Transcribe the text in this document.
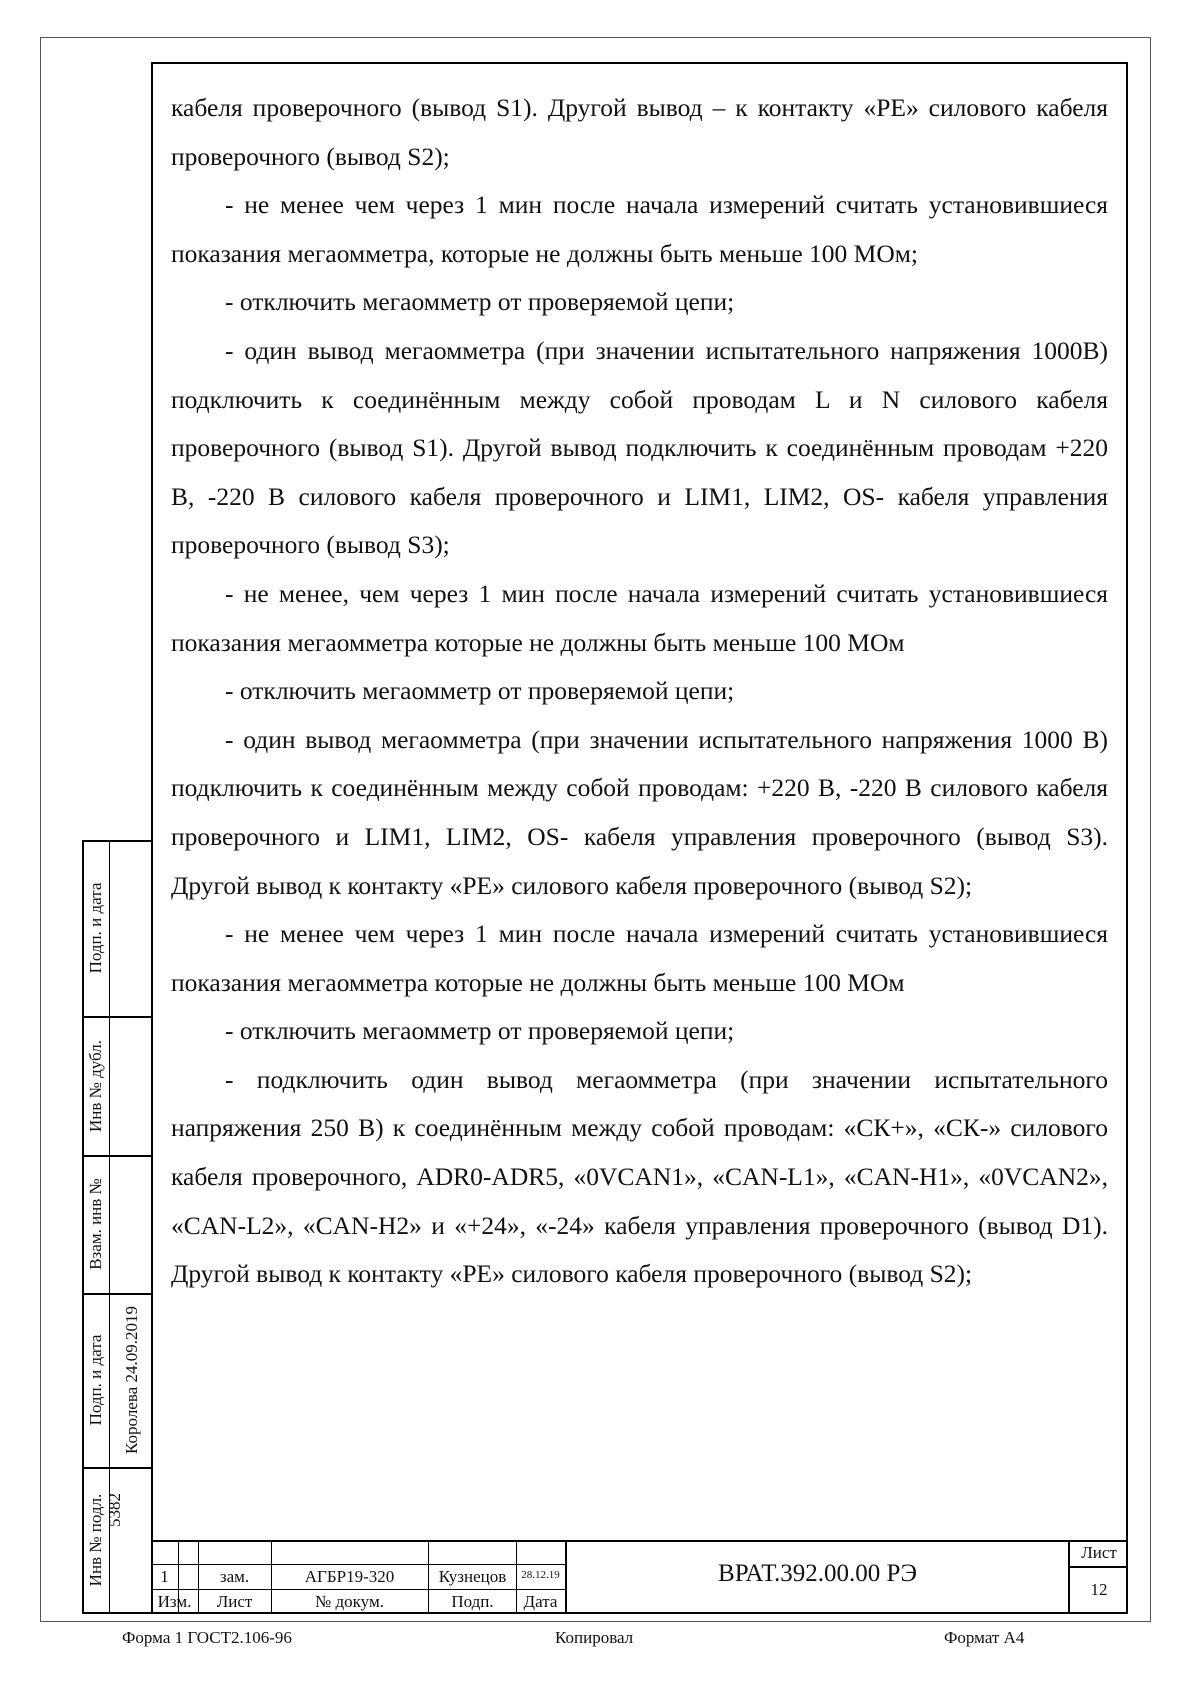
кабеля проверочного (вывод S1). Другой вывод – к контакту «РЕ» силового кабеля проверочного (вывод S2);

- не менее чем через 1 мин после начала измерений считать установившиеся показания мегаомметра, которые не должны быть меньше 100 МОм;

- отключить мегаомметр от проверяемой цепи;

- один вывод мегаомметра (при значении испытательного напряжения 1000В) подключить к соединённым между собой проводам L и N силового кабеля проверочного (вывод S1). Другой вывод подключить к соединённым проводам +220 В, -220 В силового кабеля проверочного и LIM1, LIM2, OS- кабеля управления проверочного (вывод S3);

- не менее, чем через 1 мин после начала измерений считать установившиеся показания мегаомметра которые не должны быть меньше 100 МОм

- отключить мегаомметр от проверяемой цепи;

- один вывод мегаомметра (при значении испытательного напряжения 1000 В) подключить к соединённым между собой проводам: +220 В, -220 В силового кабеля проверочного и LIM1, LIM2, OS- кабеля управления проверочного (вывод S3). Другой вывод к контакту «РЕ» силового кабеля проверочного (вывод S2);

- не менее чем через 1 мин после начала измерений считать установившиеся показания мегаомметра которые не должны быть меньше 100 МОм

- отключить мегаомметр от проверяемой цепи;

- подключить один вывод мегаомметра (при значении испытательного напряжения 250 В) к соединённым между собой проводам: «СК+», «СК-» силового кабеля проверочного, ADR0-ADR5, «0VCAN1», «CAN-L1», «CAN-H1», «0VCAN2», «CAN-L2», «CAN-H2» и «+24», «-24» кабеля управления проверочного (вывод D1). Другой вывод к контакту «РЕ» силового кабеля проверочного (вывод S2);

Подп. и дата
Инв № дубл.
Взам. инв №
Подп. и дата Королева 24.09.2019
Инв № подл. 5382
1	зам.	АГБР19-320	Кузнецов	28.12.19
Изм.	Лист	№ докум.	Подп.	Дата
ВРАТ.392.00.00 РЭ
Лист
12
Форма 1 ГОСТ2.106-96	Копировал	Формат А4
